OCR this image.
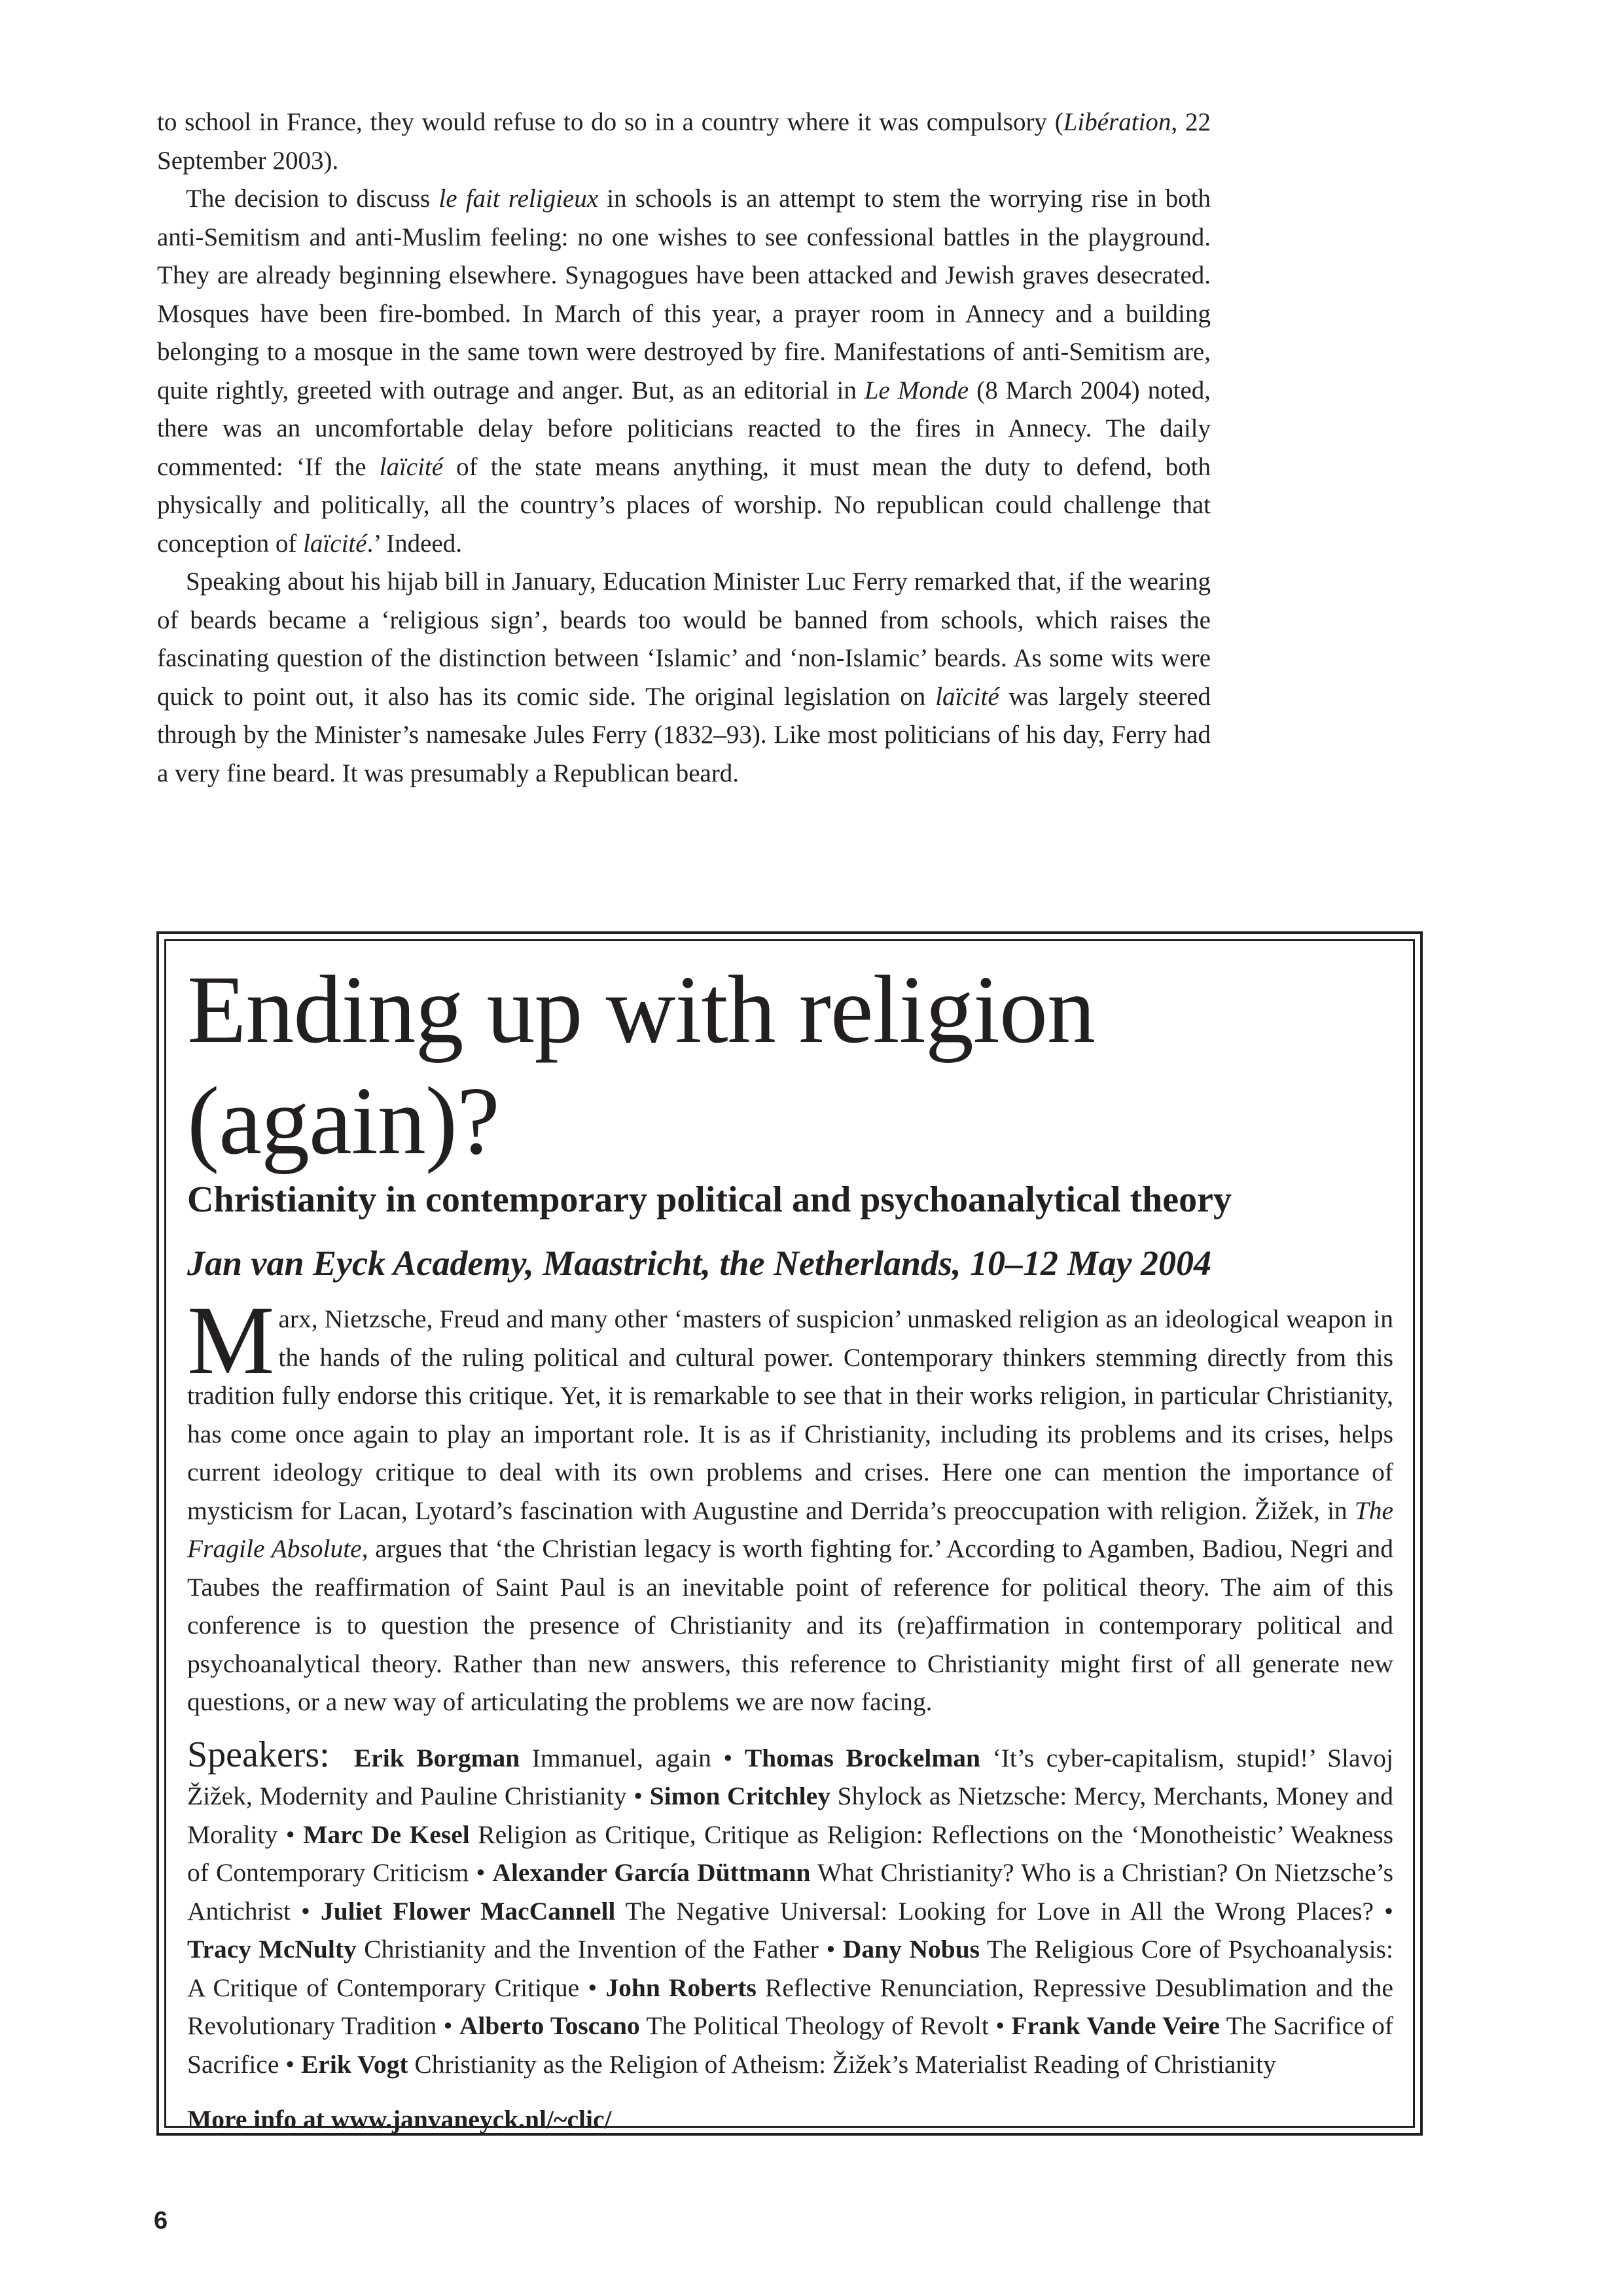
to school in France, they would refuse to do so in a country where it was compulsory (Libération, 22 September 2003).

The decision to discuss le fait religieux in schools is an attempt to stem the worrying rise in both anti-Semitism and anti-Muslim feeling: no one wishes to see confessional battles in the playground. They are already beginning elsewhere. Synagogues have been attacked and Jewish graves desecrated. Mosques have been fire-bombed. In March of this year, a prayer room in Annecy and a building belonging to a mosque in the same town were destroyed by fire. Manifestations of anti-Semitism are, quite rightly, greeted with outrage and anger. But, as an editorial in Le Monde (8 March 2004) noted, there was an uncomfortable delay before politicians reacted to the fires in Annecy. The daily commented: ‘If the laïcité of the state means anything, it must mean the duty to defend, both physically and politically, all the country’s places of worship. No republican could challenge that conception of laïcité.’ Indeed.

Speaking about his hijab bill in January, Education Minister Luc Ferry remarked that, if the wearing of beards became a ‘religious sign’, beards too would be banned from schools, which raises the fascinating question of the distinction between ‘Islamic’ and ‘non-Islamic’ beards. As some wits were quick to point out, it also has its comic side. The original legislation on laïcité was largely steered through by the Minister’s namesake Jules Ferry (1832–93). Like most politicians of his day, Ferry had a very fine beard. It was presumably a Republican beard.

Ending up with religion (again)?
Christianity in contemporary political and psychoanalytical theory
Jan van Eyck Academy, Maastricht, the Netherlands, 10–12 May 2004

Marx, Nietzsche, Freud and many other ‘masters of suspicion’ unmasked religion as an ideological weapon in the hands of the ruling political and cultural power. Contemporary thinkers stemming directly from this tradition fully endorse this critique. Yet, it is remarkable to see that in their works religion, in particular Christianity, has come once again to play an important role. It is as if Christianity, including its problems and its crises, helps current ideology critique to deal with its own problems and crises. Here one can mention the importance of mysticism for Lacan, Lyotard’s fascination with Augustine and Derrida’s preoccupation with religion. Žižek, in The Fragile Absolute, argues that ‘the Christian legacy is worth fighting for.’ According to Agamben, Badiou, Negri and Taubes the reaffirmation of Saint Paul is an inevitable point of reference for political theory. The aim of this conference is to question the presence of Christianity and its (re)affirmation in contemporary political and psychoanalytical theory. Rather than new answers, this reference to Christianity might first of all generate new questions, or a new way of articulating the problems we are now facing.

Speakers: Erik Borgman Immanuel, again • Thomas Brockelman ‘It’s cyber-capitalism, stupid!’ Slavoj Žižek, Modernity and Pauline Christianity • Simon Critchley Shylock as Nietzsche: Mercy, Merchants, Money and Morality • Marc De Kesel Religion as Critique, Critique as Religion: Reflections on the ‘Monotheistic’ Weakness of Contemporary Criticism • Alexander García Düttmann What Christianity? Who is a Christian? On Nietzsche’s Antichrist • Juliet Flower MacCannell The Negative Universal: Looking for Love in All the Wrong Places? • Tracy McNulty Christianity and the Invention of the Father • Dany Nobus The Religious Core of Psychoanalysis: A Critique of Contemporary Critique • John Roberts Reflective Renunciation, Repressive Desublimation and the Revolutionary Tradition • Alberto Toscano The Political Theology of Revolt • Frank Vande Veire The Sacrifice of Sacrifice • Erik Vogt Christianity as the Religion of Atheism: Žižek’s Materialist Reading of Christianity

More info at www.janvaneyck.nl/~clic/
6
